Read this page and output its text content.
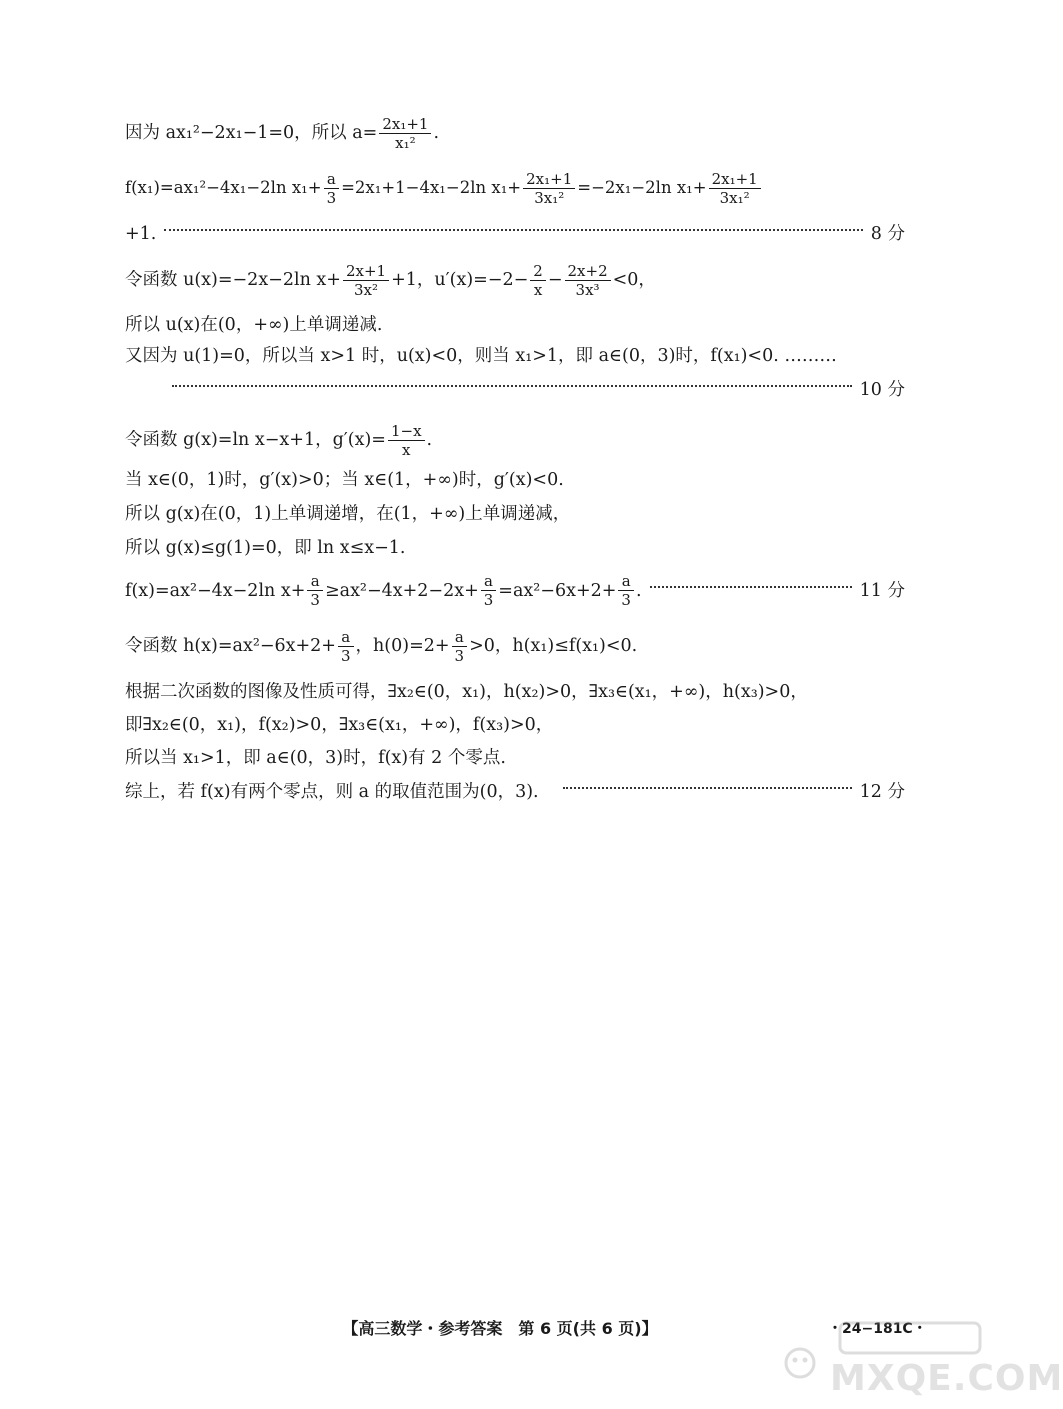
因为 ax₁²−2x₁−1=0，所以 $a= \frac{\text{2x₁+1}}{\text{x₁²}}$ .
f(x₁)=ax₁²−4x₁−2ln $x_1+ \frac{a}{3} =2x_1+1-4x_1-2\ln$ $x_1+ \frac{\text{2x₁+1}}{\text{3x₁²}} =-2x_1-2\ln$ $x_1+ \frac{\text{2x₁+1}}{\text{3x₁²}}$
+1.	8 分
令函数 u(x)=−2x−2ln $x+ \frac{2x+1}{\text{3x²}} +1$，$u'(x)=-2- \frac{2}{x} - \frac{2x+2}{\text{3x³}} <0$，
所以 u(x)在(0，+∞)上单调递减.
又因为 u(1)=0，所以当 x>1 时，u(x)<0，则当 x₁>1，即 a∈(0，3)时，f(x₁)<0. ………
10 分
令函数 g(x)=ln x−x+1，$g'(x)= \frac{1-x}{x}$ .
当 x∈(0，1)时，g′(x)>0；当 x∈(1，+∞)时，g′(x)<0.
所以 g(x)在(0，1)上单调递增，在(1，+∞)上单调递减，
所以 g(x)≤g(1)=0，即 ln x≤x−1.
f(x)=ax²−4x−2ln $x+ \frac{a}{3} \ge ax^2-4x+2-2x+ \frac{a}{3} =ax^2-6x+2+ \frac{a}{3}$ .	11 分
令函数 $h(x)=ax^2-6x+2+ \frac{a}{3}$ ，$h(0)=2+ \frac{a}{3} >0$，h(x₁)≤f(x₁)<0.
根据二次函数的图像及性质可得，∃x₂∈(0，x₁)，h(x₂)>0，∃x₃∈(x₁，+∞)，h(x₃)>0，
即∃x₂∈(0，x₁)，f(x₂)>0，∃x₃∈(x₁，+∞)，f(x₃)>0，
所以当 x₁>1，即 a∈(0，3)时，f(x)有 2 个零点.
综上，若 f(x)有两个零点，则 a 的取值范围为(0，3).	12 分
【高三数学・参考答案　第 6 页(共 6 页)】	・24−181C・
MXQE.COM
